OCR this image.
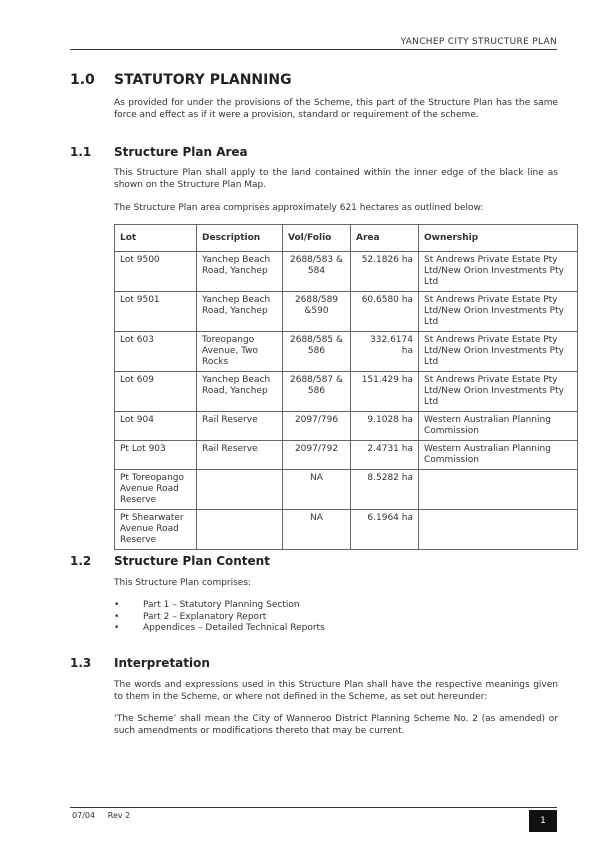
YANCHEP CITY STRUCTURE PLAN
1.0 STATUTORY PLANNING
As provided for under the provisions of the Scheme, this part of the Structure Plan has the same force and effect as if it were a provision, standard or requirement of the scheme.
1.1 Structure Plan Area
This Structure Plan shall apply to the land contained within the inner edge of the black line as shown on the Structure Plan Map.
The Structure Plan area comprises approximately 621 hectares as outlined below:
Lot	Description	Vol/Folio	Area	Ownership
Lot 9500	Yanchep Beach Road, Yanchep	2688/583 & 584	52.1826 ha	St Andrews Private Estate Pty Ltd/New Orion Investments Pty Ltd
Lot 9501	Yanchep Beach Road, Yanchep	2688/589 &590	60.6580 ha	St Andrews Private Estate Pty Ltd/New Orion Investments Pty Ltd
Lot 603	Toreopango Avenue, Two Rocks	2688/585 & 586	332.6174 ha	St Andrews Private Estate Pty Ltd/New Orion Investments Pty Ltd
Lot 609	Yanchep Beach Road, Yanchep	2688/587 & 586	151.429 ha	St Andrews Private Estate Pty Ltd/New Orion Investments Pty Ltd
Lot 904	Rail Reserve	2097/796	9.1028 ha	Western Australian Planning Commission
Pt Lot 903	Rail Reserve	2097/792	2.4731 ha	Western Australian Planning Commission
Pt Toreopango Avenue Road Reserve		NA	8.5282 ha	
Pt Shearwater Avenue Road Reserve		NA	6.1964 ha	
1.2 Structure Plan Content
This Structure Plan comprises:
•	Part 1 – Statutory Planning Section
•	Part 2 – Explanatory Report
•	Appendices – Detailed Technical Reports
1.3 Interpretation
The words and expressions used in this Structure Plan shall have the respective meanings given to them in the Scheme, or where not defined in the Scheme, as set out hereunder:
‘The Scheme’ shall mean the City of Wanneroo District Planning Scheme No. 2 (as amended) or such amendments or modifications thereto that may be current.
07/04 Rev 2
1
